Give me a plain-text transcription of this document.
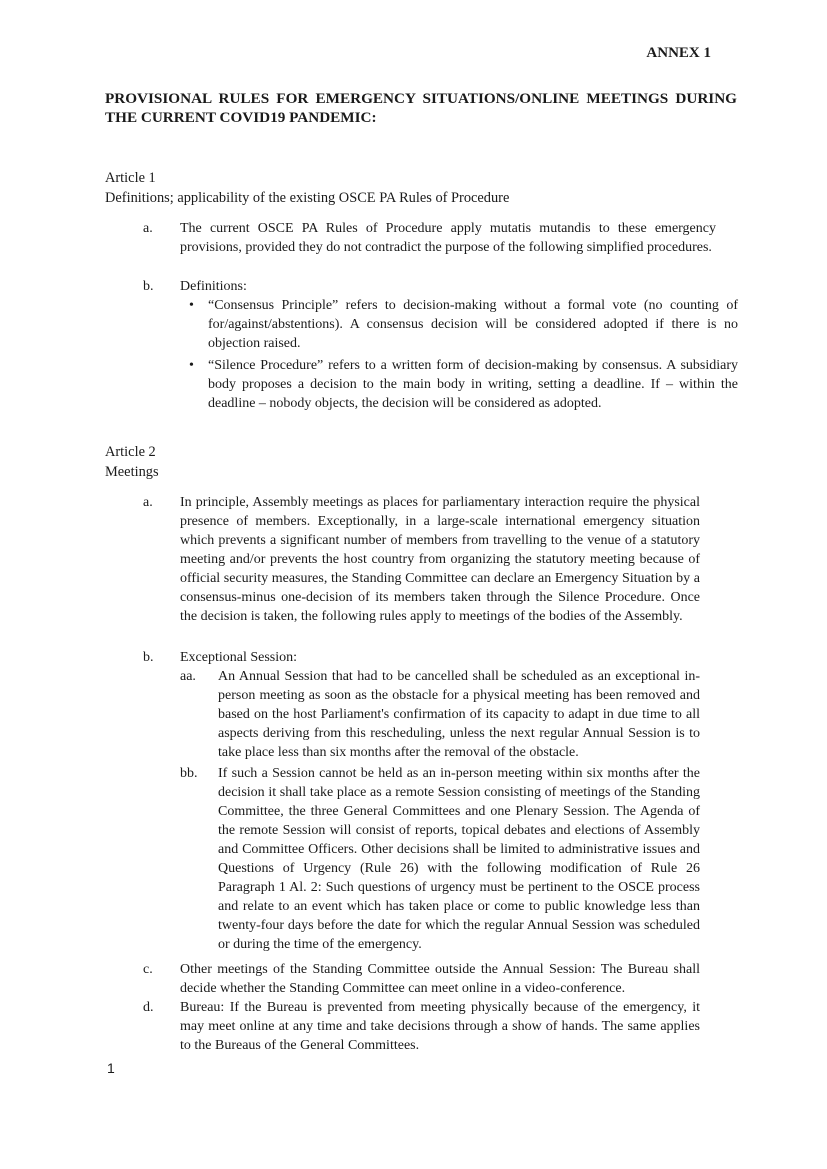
ANNEX 1

PROVISIONAL RULES FOR EMERGENCY SITUATIONS/ONLINE MEETINGS DURING THE CURRENT COVID19 PANDEMIC:

Article 1

Definitions; applicability of the existing OSCE PA Rules of Procedure

a. The current OSCE PA Rules of Procedure apply mutatis mutandis to these emergency provisions, provided they do not contradict the purpose of the following simplified procedures.
b. Definitions:
• “Consensus Principle” refers to decision-making without a formal vote (no counting of for/against/abstentions). A consensus decision will be considered adopted if there is no objection raised.
• “Silence Procedure” refers to a written form of decision-making by consensus. A subsidiary body proposes a decision to the main body in writing, setting a deadline. If – within the deadline – nobody objects, the decision will be considered as adopted.

Article 2

Meetings

a. In principle, Assembly meetings as places for parliamentary interaction require the physical presence of members. Exceptionally, in a large-scale international emergency situation which prevents a significant number of members from travelling to the venue of a statutory meeting and/or prevents the host country from organizing the statutory meeting because of official security measures, the Standing Committee can declare an Emergency Situation by a consensus-minus one-decision of its members taken through the Silence Procedure. Once the decision is taken, the following rules apply to meetings of the bodies of the Assembly.
b. Exceptional Session:
aa. An Annual Session that had to be cancelled shall be scheduled as an exceptional in-person meeting as soon as the obstacle for a physical meeting has been removed and based on the host Parliament's confirmation of its capacity to adapt in due time to all aspects deriving from this rescheduling, unless the next regular Annual Session is to take place less than six months after the removal of the obstacle.
bb. If such a Session cannot be held as an in-person meeting within six months after the decision it shall take place as a remote Session consisting of meetings of the Standing Committee, the three General Committees and one Plenary Session. The Agenda of the remote Session will consist of reports, topical debates and elections of Assembly and Committee Officers. Other decisions shall be limited to administrative issues and Questions of Urgency (Rule 26) with the following modification of Rule 26 Paragraph 1 Al. 2: Such questions of urgency must be pertinent to the OSCE process and relate to an event which has taken place or come to public knowledge less than twenty-four days before the date for which the regular Annual Session was scheduled or during the time of the emergency.
c. Other meetings of the Standing Committee outside the Annual Session: The Bureau shall decide whether the Standing Committee can meet online in a video-conference.
d. Bureau: If the Bureau is prevented from meeting physically because of the emergency, it may meet online at any time and take decisions through a show of hands. The same applies to the Bureaus of the General Committees.
1
